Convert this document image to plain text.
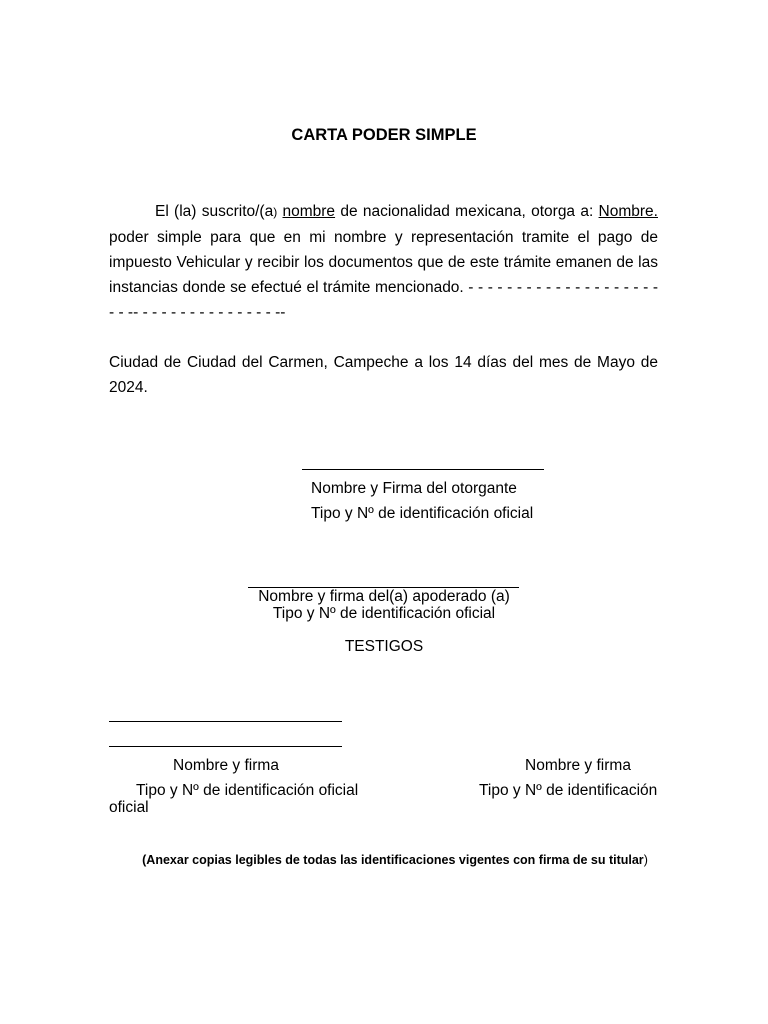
CARTA PODER SIMPLE
El (la) suscrito/(a) nombre de nacionalidad mexicana, otorga a: Nombre.
poder simple para que en mi nombre y representación tramite el pago de
impuesto Vehicular y recibir los documentos que de este trámite emanen de las
instancias donde se efectué el trámite mencionado. - - - - - - - - - - - - - - - - - - - -
- - -- - - - - - - - - - - - - - - --
Ciudad de Ciudad del Carmen, Campeche a los 14 días del mes de Mayo de
2024.
Nombre y Firma del otorgante
Tipo y Nº de identificación oficial
Nombre y firma del(a) apoderado (a)
Tipo y Nº de identificación oficial
TESTIGOS
Nombre y firma
Tipo y Nº de identificación oficial
oficial
Nombre y firma
Tipo y Nº de identificación
(Anexar copias legibles de todas las identificaciones vigentes con firma de su titular)
